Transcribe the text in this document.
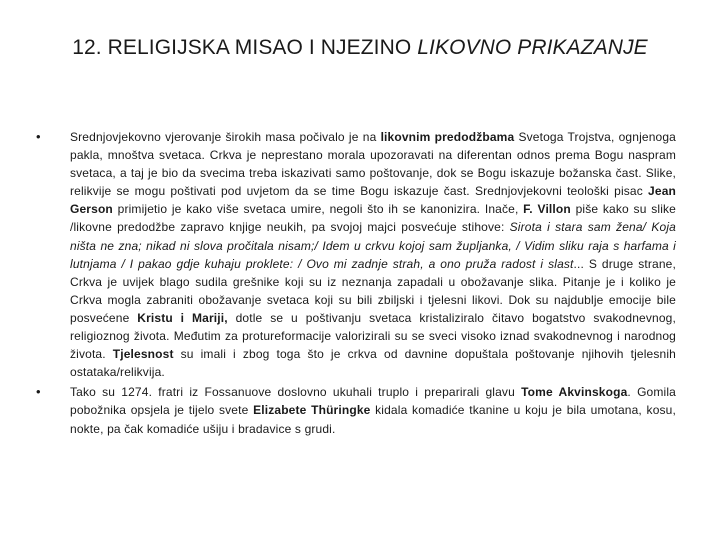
12. RELIGIJSKA MISAO I NJEZINO LIKOVNO PRIKAZANJE
• Srednjovjekovno vjerovanje širokih masa počivalo je na likovnim predodžbama Svetoga Trojstva, ognjenoga pakla, mnoštva svetaca. Crkva je neprestano morala upozoravati na diferentan odnos prema Bogu naspram svetaca, a taj je bio da svecima treba iskazivati samo poštovanje, dok se Bogu iskazuje božanska čast. Slike, relikvije se mogu poštivati pod uvjetom da se time Bogu iskazuje čast. Srednjovjekovni teološki pisac Jean Gerson primijetio je kako više svetaca umire, negoli što ih se kanonizira. Inače, F. Villon piše kako su slike /likovne predodžbe zapravo knjige neukih, pa svojoj majci posvećuje stihove: Sirota i stara sam žena/ Koja ništa ne zna; nikad ni slova pročitala nisam;/ Idem u crkvu kojoj sam župljanka, / Vidim sliku raja s harfama i lutnjama / I pakao gdje kuhaju proklete: / Ovo mi zadnje strah, a ono pruža radost i slast... S druge strane, Crkva je uvijek blago sudila grešnike koji su iz neznanja zapadali u obožavanje slika. Pitanje je i koliko je Crkva mogla zabraniti obožavanje svetaca koji su bili zbiljski i tjelesni likovi. Dok su najdublje emocije bile posvećene Kristu i Mariji, dotle se u poštivanju svetaca kristaliziralo čitavo bogatstvo svakodnevnog, religioznog života. Međutim za protureformacije valorizirali su se sveci visoko iznad svakodnevnog i narodnog života. Tjelesnost su imali i zbog toga što je crkva od davnine dopuštala poštovanje njihovih tjelesnih ostataka/relikvija.
• Tako su 1274. fratri iz Fossanuove doslovno ukuhali truplo i preparirali glavu Tome Akvinskoga. Gomila pobožnika opsjela je tijelo svete Elizabete Thüringke kidala komadiće tkanine u koju je bila umotana, kosu, nokte, pa čak komadiće ušiju i bradavice s grudi.
